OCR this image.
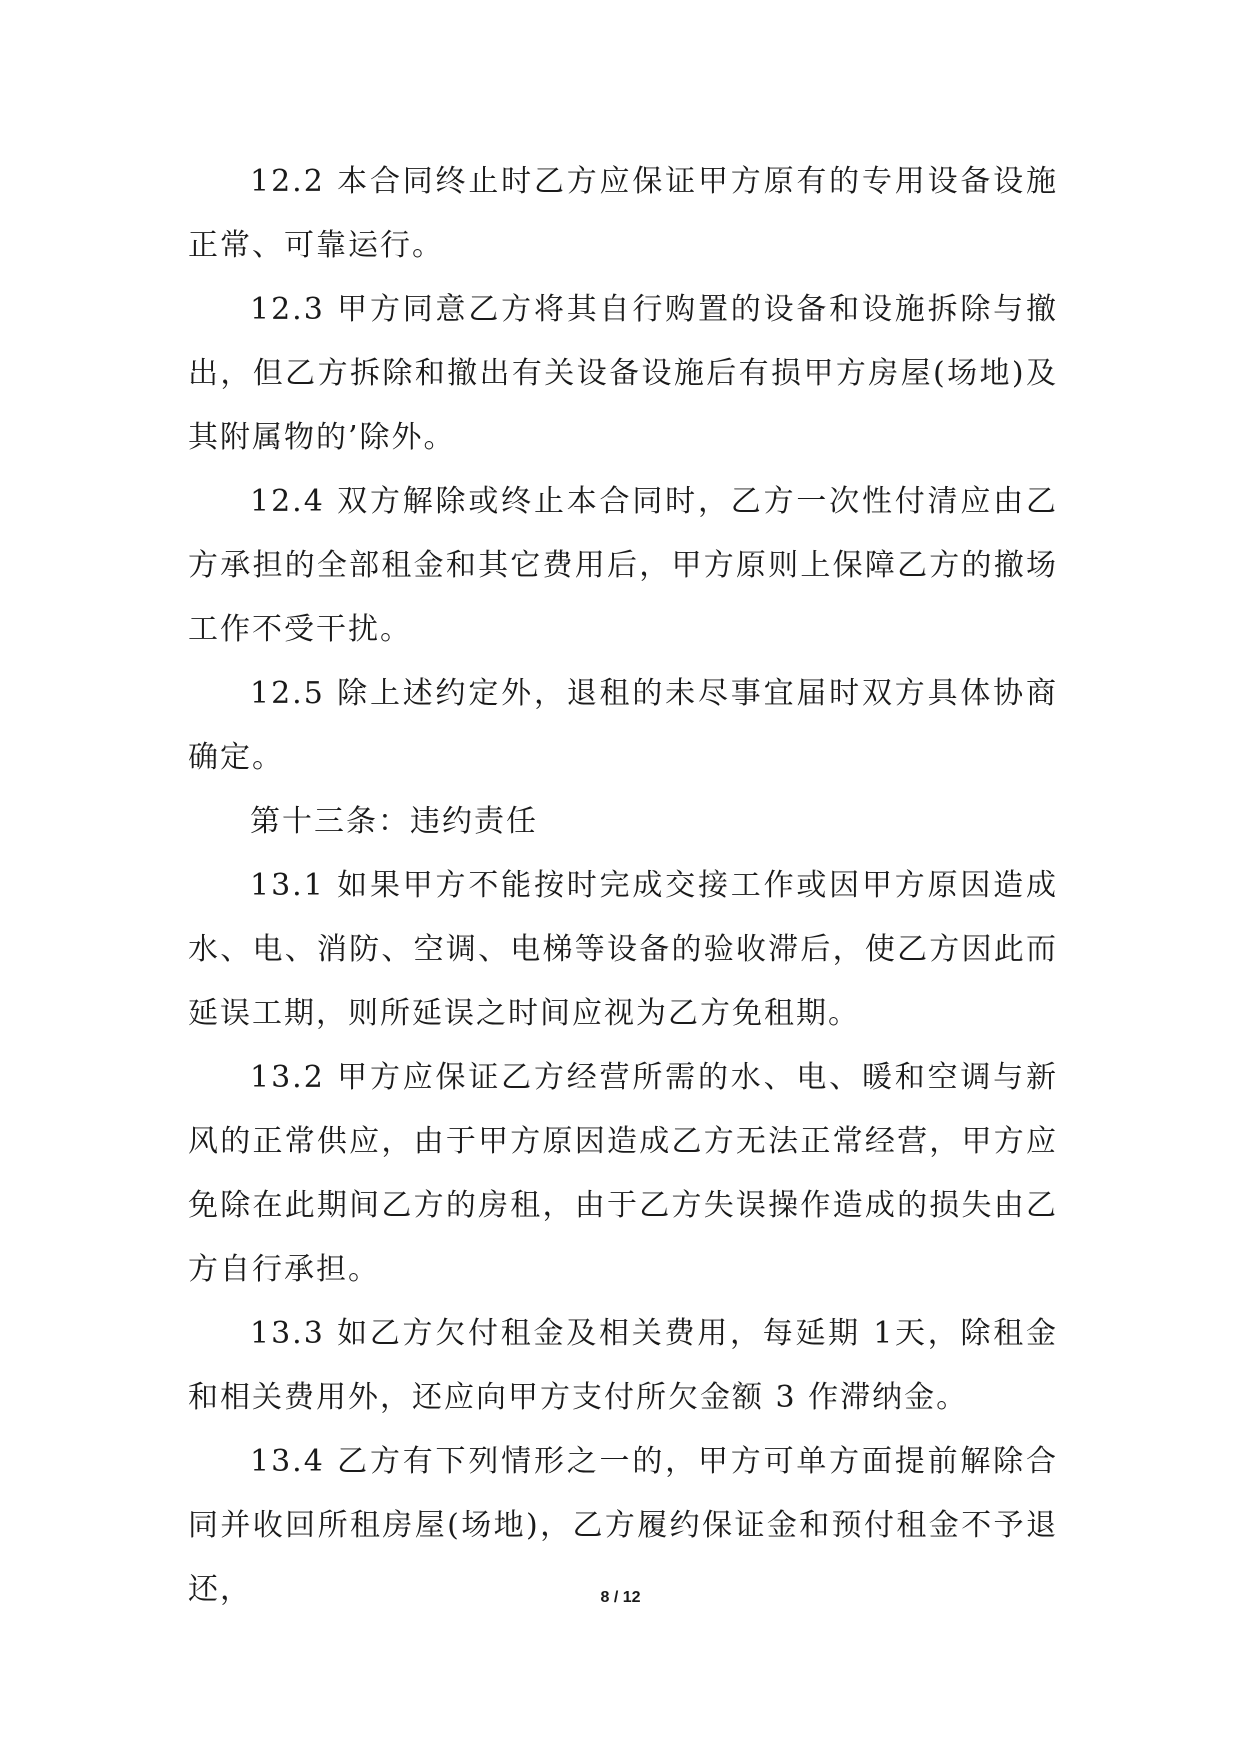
12.2 本合同终止时乙方应保证甲方原有的专用设备设施正常、可靠运行。

12.3 甲方同意乙方将其自行购置的设备和设施拆除与撤出，但乙方拆除和撤出有关设备设施后有损甲方房屋(场地)及其附属物的’除外。

12.4 双方解除或终止本合同时，乙方一次性付清应由乙方承担的全部租金和其它费用后，甲方原则上保障乙方的撤场工作不受干扰。

12.5 除上述约定外，退租的未尽事宜届时双方具体协商确定。

第十三条：违约责任

13.1 如果甲方不能按时完成交接工作或因甲方原因造成水、电、消防、空调、电梯等设备的验收滞后，使乙方因此而延误工期，则所延误之时间应视为乙方免租期。

13.2 甲方应保证乙方经营所需的水、电、暖和空调与新风的正常供应，由于甲方原因造成乙方无法正常经营，甲方应免除在此期间乙方的房租，由于乙方失误操作造成的损失由乙方自行承担。

13.3 如乙方欠付租金及相关费用，每延期 1天，除租金和相关费用外，还应向甲方支付所欠金额 3 作滞纳金。

13.4 乙方有下列情形之一的，甲方可单方面提前解除合同并收回所租房屋(场地)，乙方履约保证金和预付租金不予退还，	8 / 12
